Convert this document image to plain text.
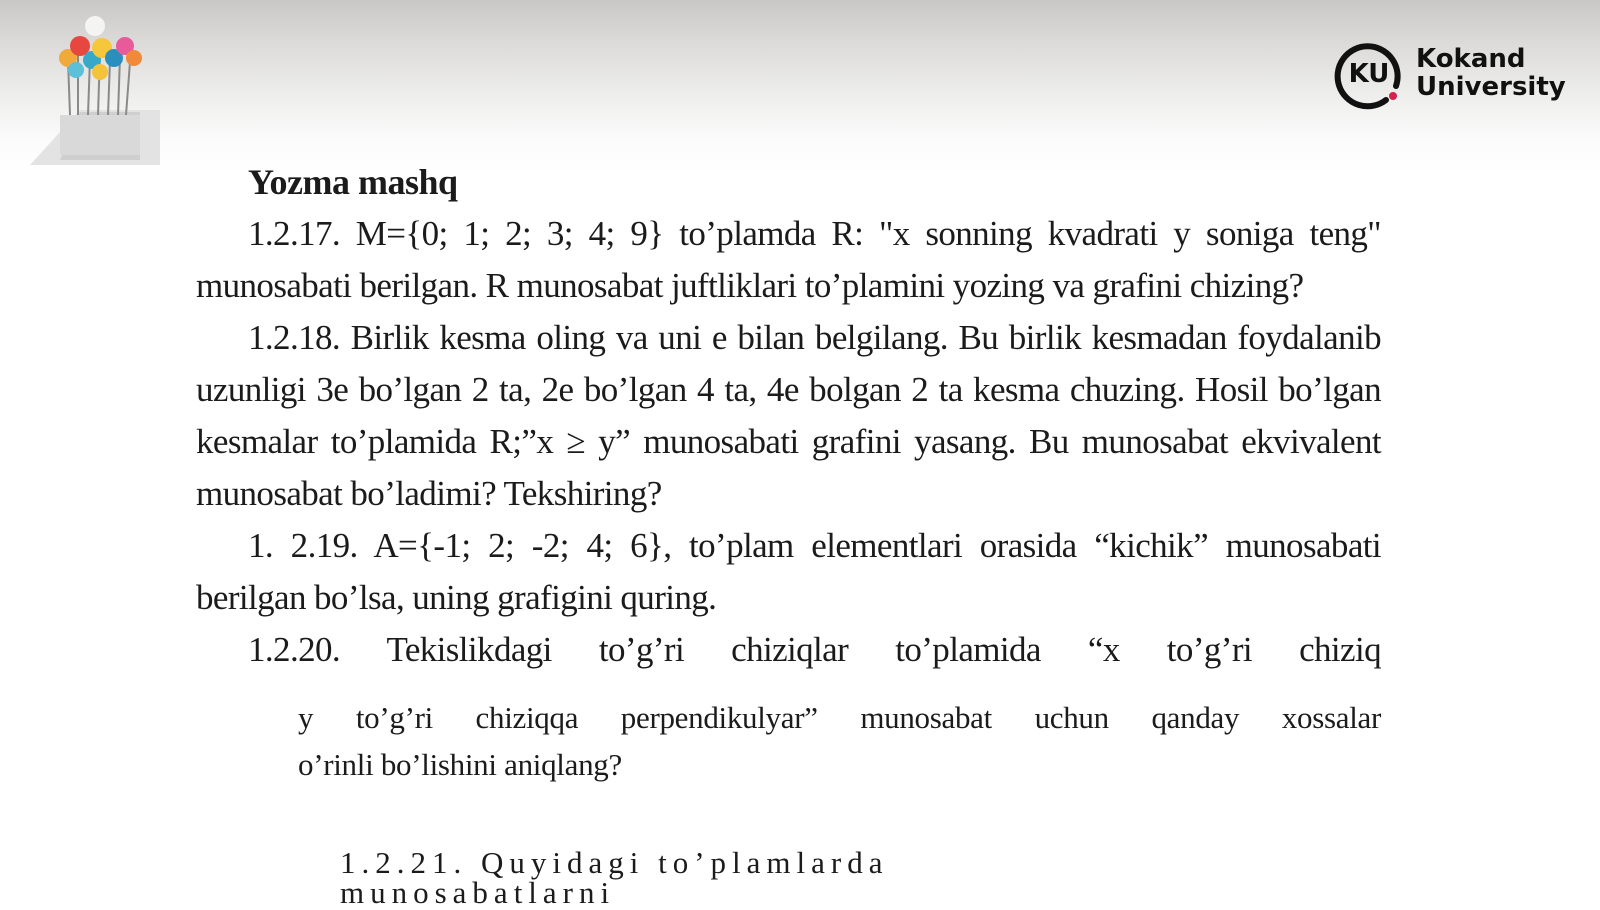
KU Kokand
University
Yozma mashq

1.2.17. M={0; 1; 2; 3; 4; 9} to’plamda R: "x sonning kvadrati y soniga teng" munosabati berilgan. R munosabat juftliklari to’plamini yozing va grafini chizing?

1.2.18. Birlik kesma oling va uni e bilan belgilang. Bu birlik kesmadan foydalanib uzunligi 3e bo’lgan 2 ta, 2e bo’lgan 4 ta, 4e bolgan 2 ta kesma chuzing. Hosil bo’lgan kesmalar to’plamida R;”x ≥ y” munosabati grafini yasang. Bu munosabat ekvivalent munosabat bo’ladimi? Tekshiring?

1. 2.19. A={-1; 2; -2; 4; 6}, to’plam elementlari orasida “kichik” munosabati berilgan bo’lsa, uning grafigini quring.

1.2.20. Tekislikdagi to’g’ri chiziqlar to’plamida “x to’g’ri chiziq

y to’g’ri chiziqqa perpendikulyar” munosabat uchun qanday xossalar
o’rinli bo’lishini aniqlang?
1.2.21. Quyidagi to’plamlarda munosabatlarni
